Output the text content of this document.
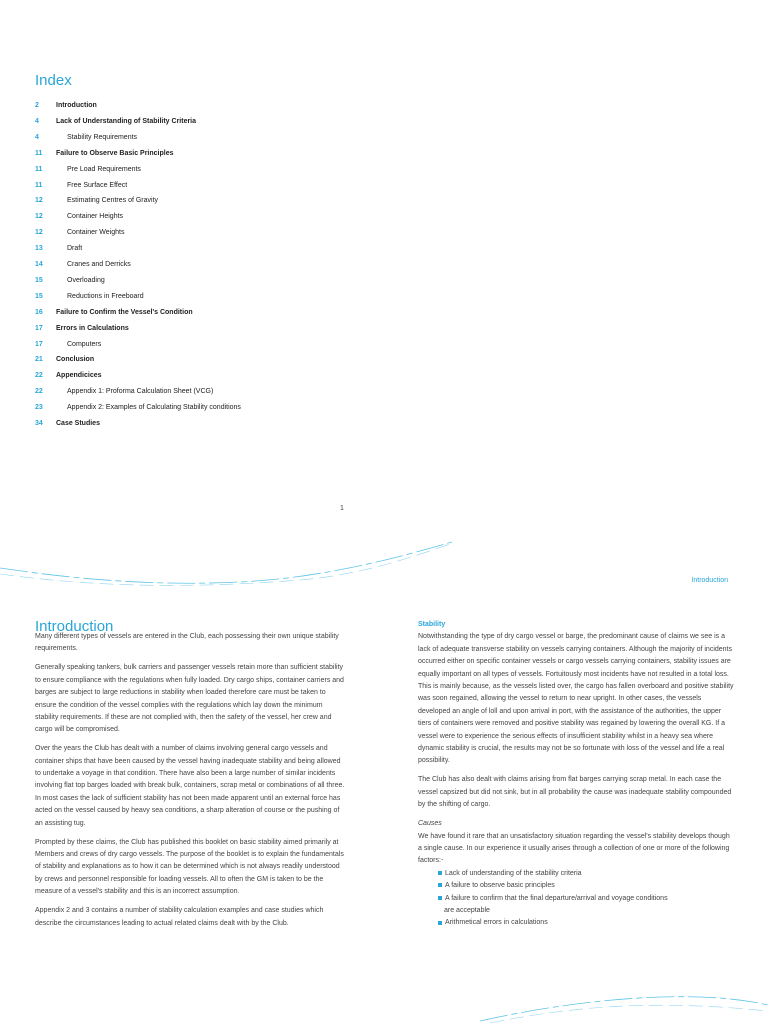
Index
2	Introduction
4	Lack of Understanding of Stability Criteria
4	Stability Requirements
11	Failure to Observe Basic Principles
11	Pre Load Requirements
11	Free Surface Effect
12	Estimating Centres of Gravity
12	Container Heights
12	Container Weights
13	Draft
14	Cranes and Derricks
15	Overloading
15	Reductions in Freeboard
16	Failure to Confirm the Vessel's Condition
17	Errors in Calculations
17	Computers
21	Conclusion
22	Appendicices
22	Appendix 1: Proforma Calculation Sheet (VCG)
23	Appendix 2: Examples of Calculating Stability conditions
34	Case Studies
1
Introduction
Introduction

Many different types of vessels are entered in the Club, each possessing their own unique stability requirements.

Generally speaking tankers, bulk carriers and passenger vessels retain more than sufficient stability to ensure compliance with the regulations when fully loaded. Dry cargo ships, container carriers and barges are subject to large reductions in stability when loaded therefore care must be taken to ensure the condition of the vessel complies with the regulations which lay down the minimum stability requirements. If these are not complied with, then the safety of the vessel, her crew and cargo will be compromised.

Over the years the Club has dealt with a number of claims involving general cargo vessels and container ships that have been caused by the vessel having inadequate stability and being allowed to undertake a voyage in that condition. There have also been a large number of similar incidents involving flat top barges loaded with break bulk, containers, scrap metal or combinations of all three. In most cases the lack of sufficient stability has not been made apparent until an external force has acted on the vessel caused by heavy sea conditions, a sharp alteration of course or the pushing of an assisting tug.

Prompted by these claims, the Club has published this booklet on basic stability aimed primarily at Members and crews of dry cargo vessels. The purpose of the booklet is to explain the fundamentals of stability and explanations as to how it can be determined which is not always readily understood by crews and personnel responsible for loading vessels. All to often the GM is taken to be the measure of a vessel's stability and this is an incorrect assumption.

Appendix 2 and 3 contains a number of stability calculation examples and case studies which describe the circumstances leading to actual related claims dealt with by the Club.

Stability

Notwithstanding the type of dry cargo vessel or barge, the predominant cause of claims we see is a lack of adequate transverse stability on vessels carrying containers. Although the majority of incidents occurred either on specific container vessels or cargo vessels carrying containers, stability issues are equally important on all types of vessels. Fortuitously most incidents have not resulted in a total loss. This is mainly because, as the vessels listed over, the cargo has fallen overboard and positive stability was soon regained, allowing the vessel to return to near upright. In other cases, the vessels developed an angle of loll and upon arrival in port, with the assistance of the authorities, the upper tiers of containers were removed and positive stability was regained by lowering the overall KG. If a vessel were to experience the serious effects of insufficient stability whilst in a heavy sea where dynamic stability is crucial, the results may not be so fortunate with loss of the vessel and life a real possibility.

The Club has also dealt with claims arising from flat barges carrying scrap metal. In each case the vessel capsized but did not sink, but in all probability the cause was inadequate stability compounded by the shifting of cargo.

Causes
We have found it rare that an unsatisfactory situation regarding the vessel's stability develops though a single cause. In our experience it usually arises through a collection of one or more of the following factors:-
Lack of understanding of the stability criteria
A failure to observe basic principles
A failure to confirm that the final departure/arrival and voyage conditions
are acceptable
Arithmetical errors in calculations
